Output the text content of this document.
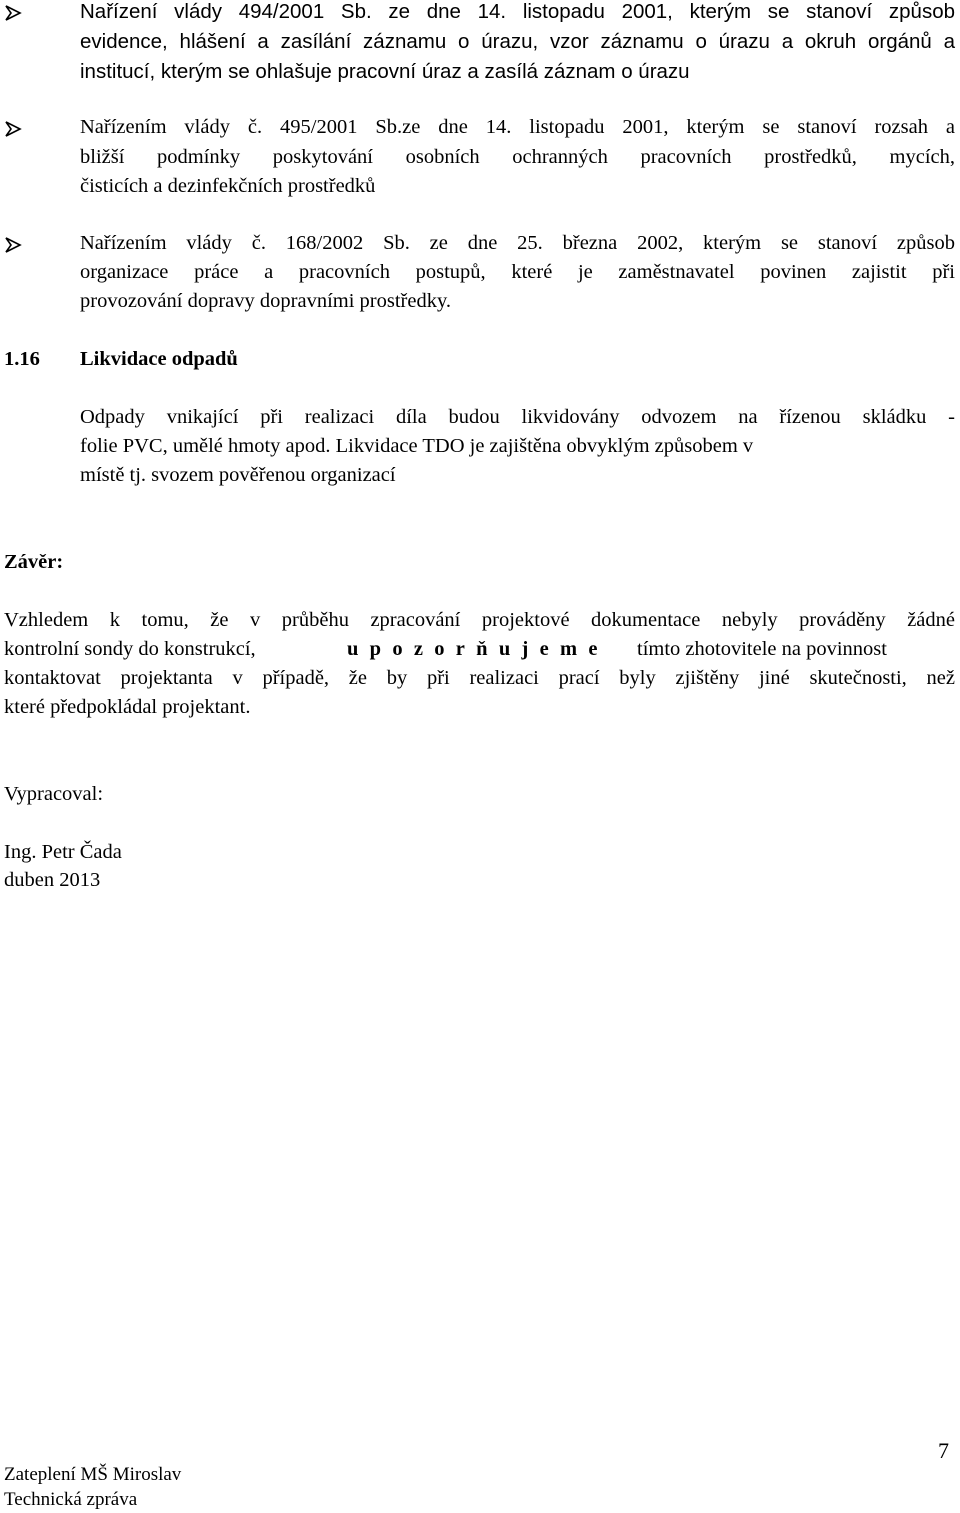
Nařízení vlády 494/2001 Sb. ze dne 14. listopadu 2001, kterým se stanoví způsob
evidence, hlášení a zasílání záznamu o úrazu, vzor záznamu o úrazu a okruh orgánů a
institucí, kterým se ohlašuje pracovní úraz a zasílá záznam o úrazu
Nařízením vlády č. 495/2001 Sb.ze dne 14. listopadu 2001, kterým se stanoví rozsah a
bližší podmínky poskytování osobních ochranných pracovních prostředků, mycích,
čisticích a dezinfekčních prostředků
Nařízením vlády č. 168/2002 Sb. ze dne 25. března 2002, kterým se stanoví způsob
organizace práce a pracovních postupů, které je zaměstnavatel povinen zajistit při
provozování dopravy dopravními prostředky.
1.16 Likvidace odpadů
Odpady vnikající při realizaci díla budou likvidovány odvozem na řízenou skládku -
folie PVC, umělé hmoty apod. Likvidace TDO je zajištěna obvyklým způsobem v
místě tj. svozem pověřenou organizací
Závěr:
Vzhledem k tomu, že v průběhu zpracování projektové dokumentace nebyly prováděny žádné
kontrolní sondy do konstrukcí,	upozorňujeme tímto zhotovitele na povinnost
kontaktovat projektanta v případě, že by při realizaci prací byly zjištěny jiné skutečnosti, než
které předpokládal projektant.
Vypracoval:
Ing. Petr Čada
duben 2013
Zateplení MŠ Miroslav
Technická zpráva
7
